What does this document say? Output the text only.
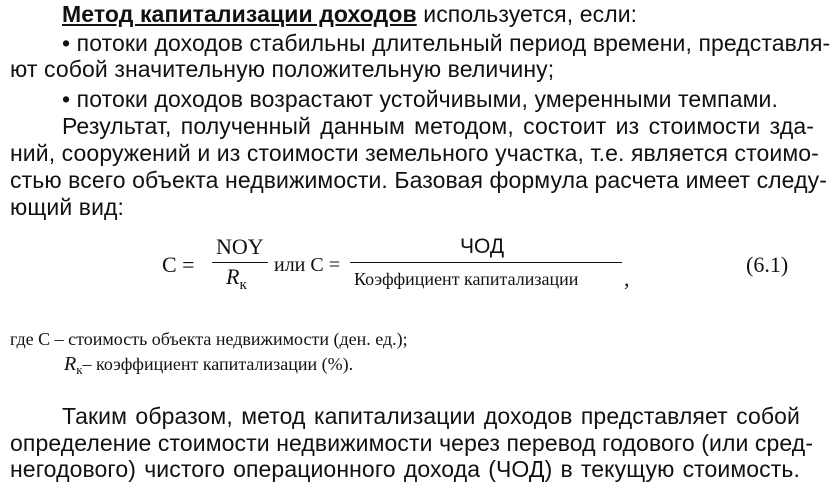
Метод капитализации доходов используется, если:
• потоки доходов стабильны длительный период времени, представля-
ют собой значительную положительную величину;
• потоки доходов возрастают устойчивыми, умеренными темпами.
Результат, полученный данным методом, состоит из стоимости зда-
ний, сооружений и из стоимости земельного участка, т.е. является стоимо-
стью всего объекта недвижимости. Базовая формула расчета имеет следу-
ющий вид:
C =
NOY
$R_к$
или C =
ЧОД
Коэффициент капитализации ,
(6.1)
где C – стоимость объекта недвижимости (ден. ед.);
$R_к-$ коэффициент капитализации (%).
Таким образом, метод капитализации доходов представляет собой
определение стоимости недвижимости через перевод годового (или сред-
негодового) чистого операционного дохода (ЧОД) в текущую стоимость.
